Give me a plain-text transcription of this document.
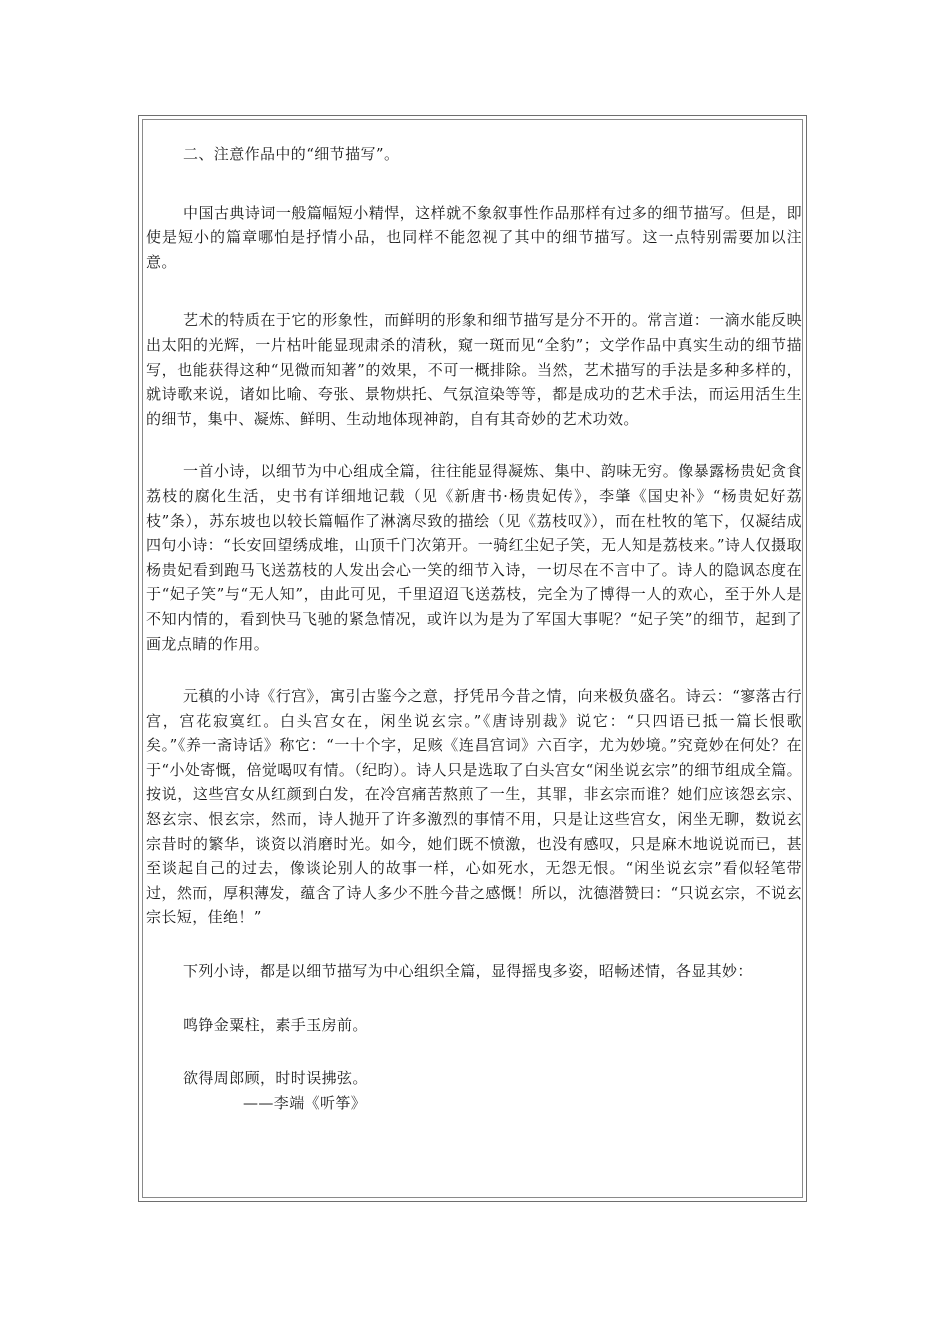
二、注意作品中的“细节描写”。

中国古典诗词一般篇幅短小精悍，这样就不象叙事性作品那样有过多的细节描写。但是，即使是短小的篇章哪怕是抒情小品，也同样不能忽视了其中的细节描写。这一点特别需要加以注意。

艺术的特质在于它的形象性，而鲜明的形象和细节描写是分不开的。常言道：一滴水能反映出太阳的光辉，一片枯叶能显现肃杀的清秋，窥一斑而见“全豹”；文学作品中真实生动的细节描写，也能获得这种“见微而知著”的效果，不可一概排除。当然，艺术描写的手法是多种多样的，就诗歌来说，诸如比喻、夸张、景物烘托、气氛渲染等等，都是成功的艺术手法，而运用活生生的细节，集中、凝炼、鲜明、生动地体现神韵，自有其奇妙的艺术功效。

一首小诗，以细节为中心组成全篇，往往能显得凝炼、集中、韵味无穷。像暴露杨贵妃贪食荔枝的腐化生活，史书有详细地记载（见《新唐书·杨贵妃传》，李肇《国史补》“杨贵妃好荔枝”条），苏东坡也以较长篇幅作了淋漓尽致的描绘（见《荔枝叹》），而在杜牧的笔下，仅凝结成四句小诗：“长安回望绣成堆，山顶千门次第开。一骑红尘妃子笑，无人知是荔枝来。”诗人仅摄取杨贵妃看到跑马飞送荔枝的人发出会心一笑的细节入诗，一切尽在不言中了。诗人的隐讽态度在于“妃子笑”与“无人知”，由此可见，千里迢迢飞送荔枝，完全为了博得一人的欢心，至于外人是不知内情的，看到快马飞驰的紧急情况，或许以为是为了军国大事呢？“妃子笑”的细节，起到了画龙点睛的作用。

元稹的小诗《行宫》，寓引古鉴今之意，抒凭吊今昔之情，向来极负盛名。诗云：“寥落古行宫，宫花寂寞红。白头宫女在，闲坐说玄宗。”《唐诗别裁》说它：“只四语已抵一篇长恨歌矣。”《养一斋诗话》称它：“一十个字，足赅《连昌宫词》六百字，尤为妙境。”究竟妙在何处？在于“小处寄慨，倍觉喝叹有情。（纪昀）。诗人只是选取了白头宫女“闲坐说玄宗”的细节组成全篇。按说，这些宫女从红颜到白发，在冷宫痛苦熬煎了一生，其罪，非玄宗而谁？她们应该怨玄宗、怒玄宗、恨玄宗，然而，诗人抛开了许多激烈的事情不用，只是让这些宫女，闲坐无聊，数说玄宗昔时的繁华，谈资以消磨时光。如今，她们既不愤激，也没有感叹，只是麻木地说说而已，甚至谈起自己的过去，像谈论别人的故事一样，心如死水，无怨无恨。“闲坐说玄宗”看似轻笔带过，然而，厚积薄发，蕴含了诗人多少不胜今昔之感慨！所以，沈德潜赞曰：“只说玄宗，不说玄宗长短，佳绝！”

下列小诗，都是以细节描写为中心组织全篇，显得摇曳多姿，昭畅述情，各显其妙：

鸣铮金粟柱，素手玉房前。

欲得周郎顾，时时误拂弦。

——李端《听筝》
